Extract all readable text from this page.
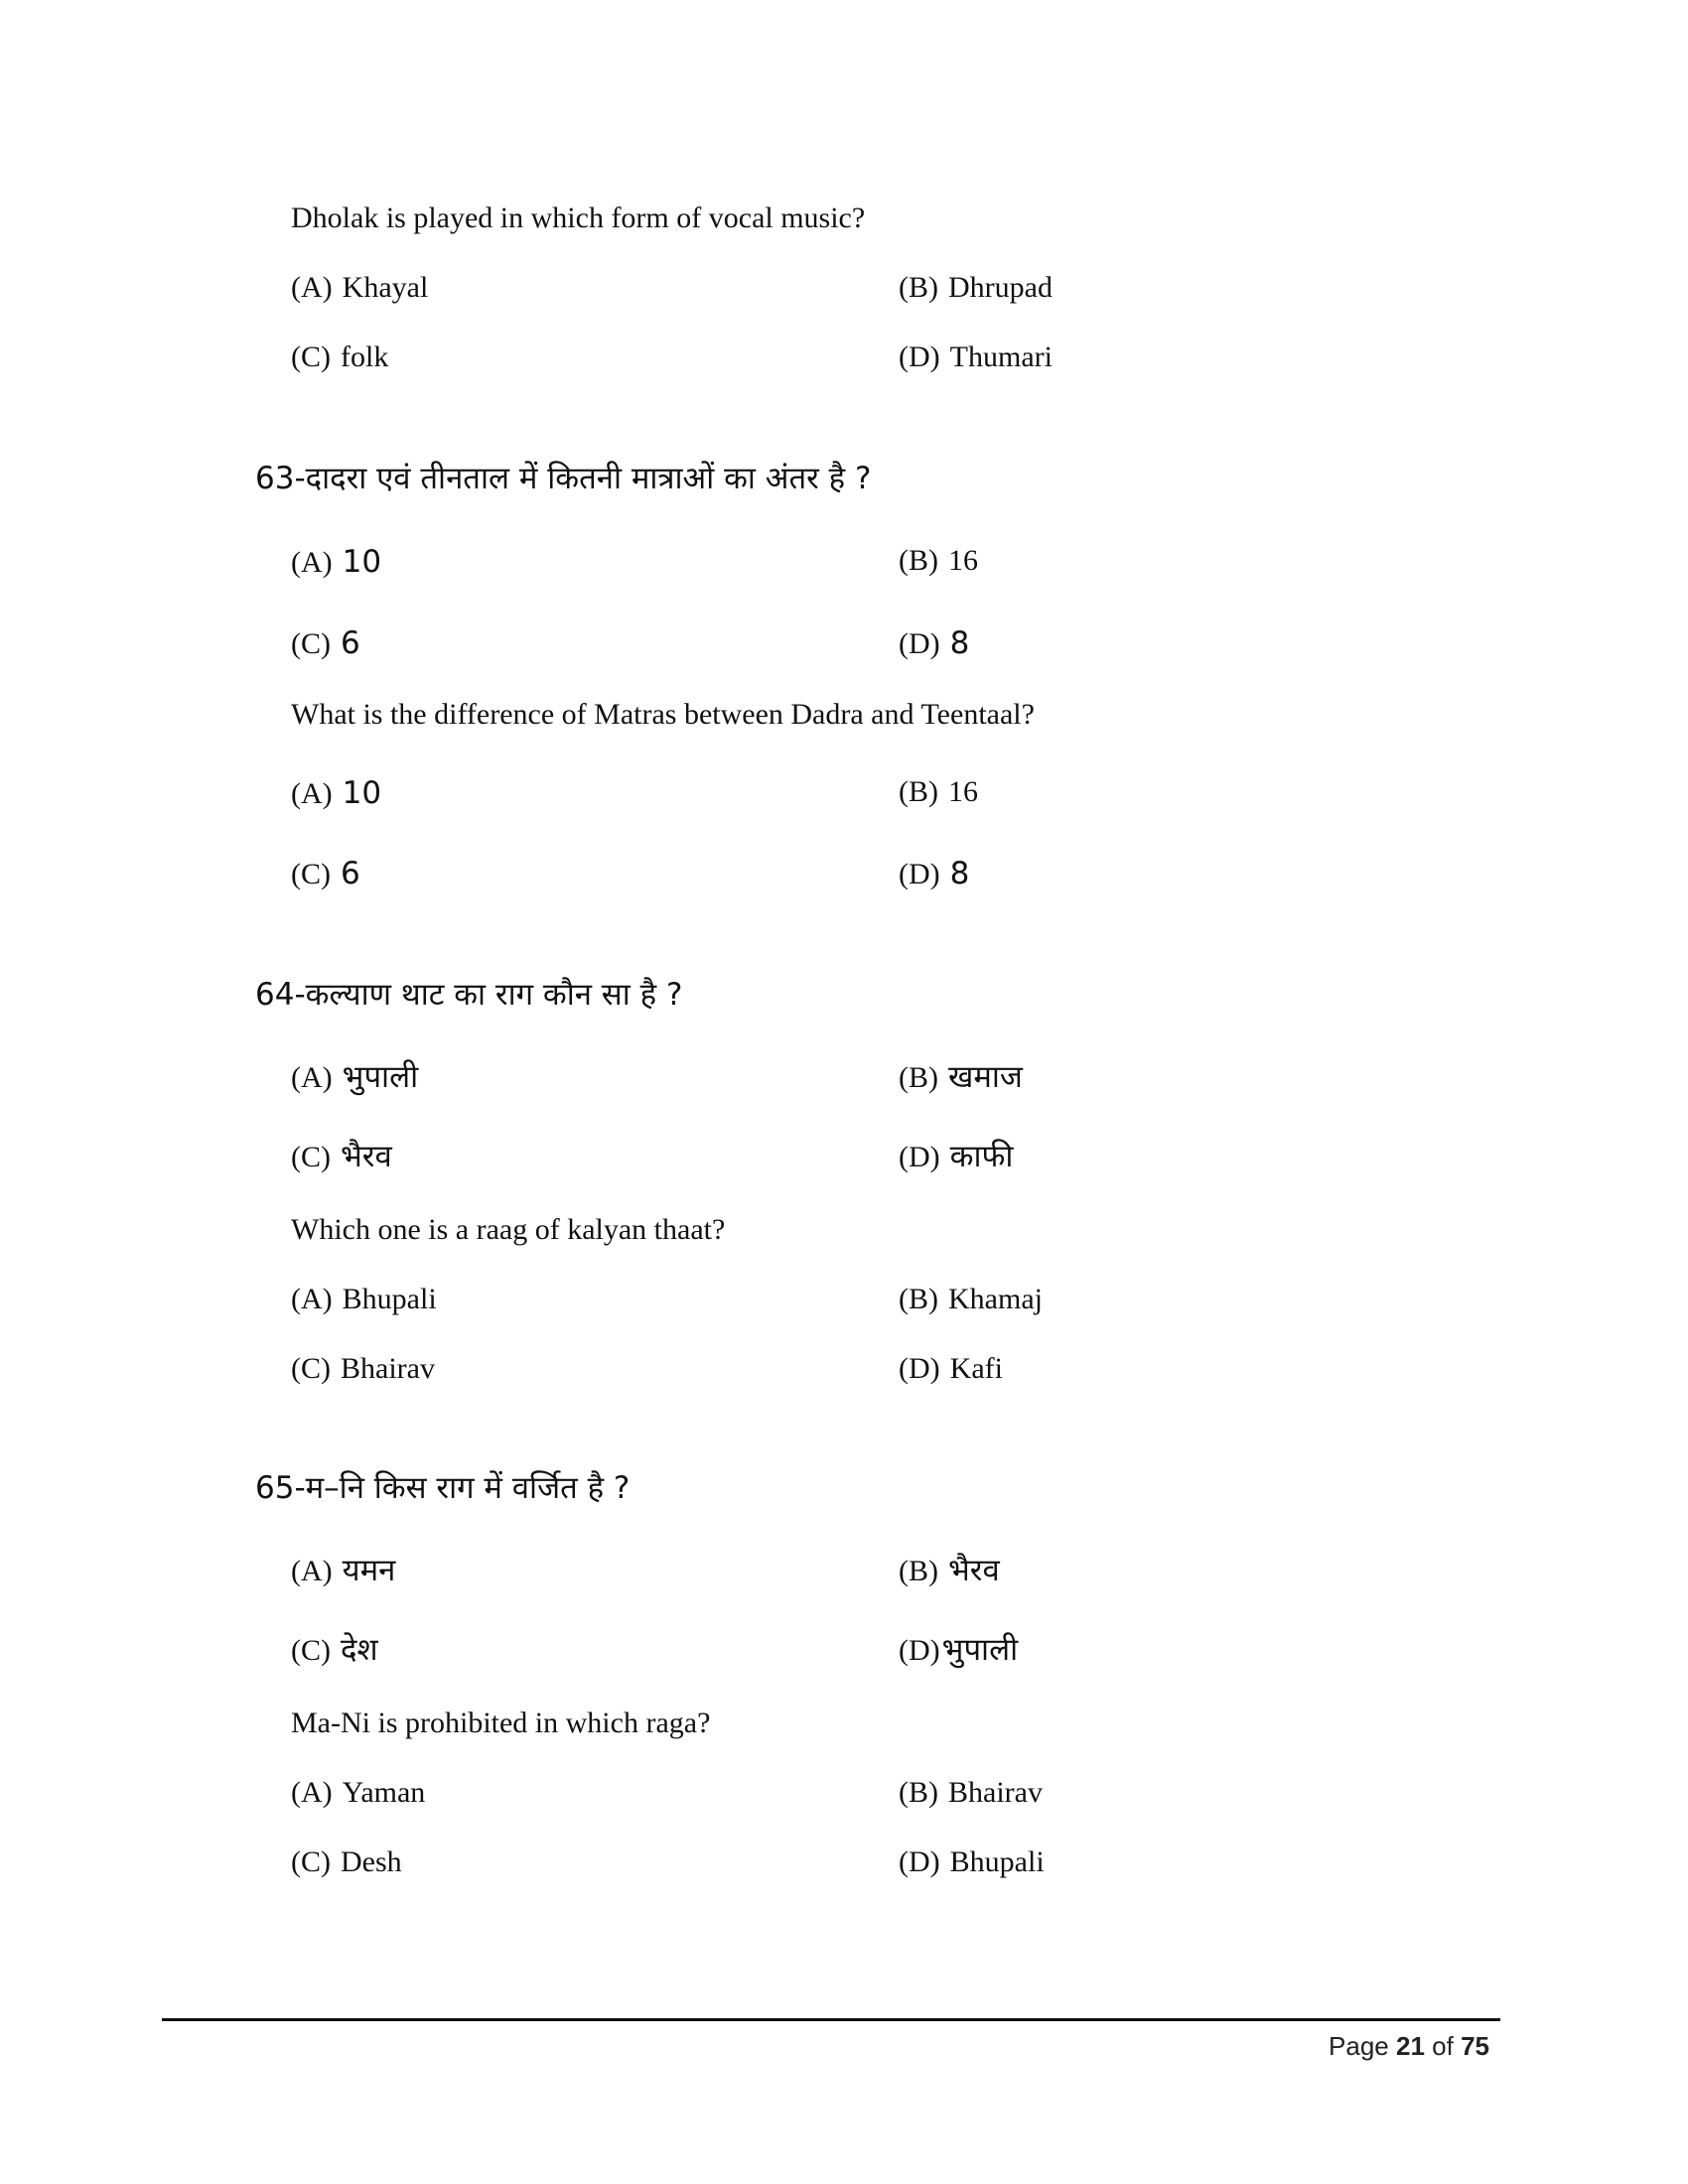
Dholak is played in which form of vocal music?
(A) Khayal	(B) Dhrupad
(C) folk	(D) Thumari
63-दादरा एवं तीनताल में कितनी मात्राओं का अंतर है ?
(A) 10	(B) 16
(C) 6	(D) 8
What is the difference of Matras between Dadra and Teentaal?
(A) 10	(B) 16
(C) 6	(D) 8
64-कल्याण थाट का राग कौन सा है ?
(A) भुपाली	(B) खमाज
(C) भैरव	(D) काफी
Which one is a raag of kalyan thaat?
(A) Bhupali	(B) Khamaj
(C) Bhairav	(D) Kafi
65-म–नि किस राग में वर्जित है ?
(A) यमन	(B) भैरव
(C) देश	(D)भुपाली
Ma-Ni is prohibited in which raga?
(A) Yaman	(B) Bhairav
(C) Desh	(D) Bhupali
Page 21 of 75
